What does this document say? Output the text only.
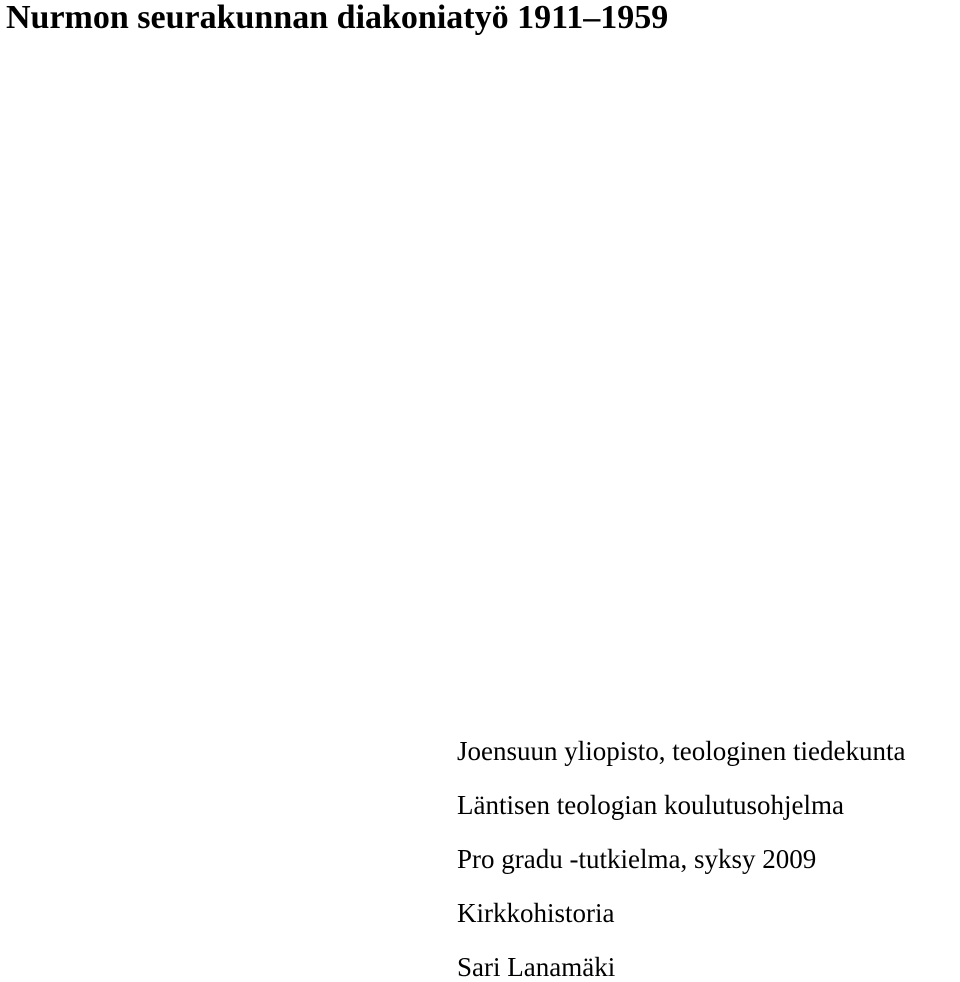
Nurmon seurakunnan diakoniatyö 1911–1959
Joensuun yliopisto, teologinen tiedekunta
Läntisen teologian koulutusohjelma
Pro gradu -tutkielma, syksy 2009
Kirkkohistoria
Sari Lanamäki
